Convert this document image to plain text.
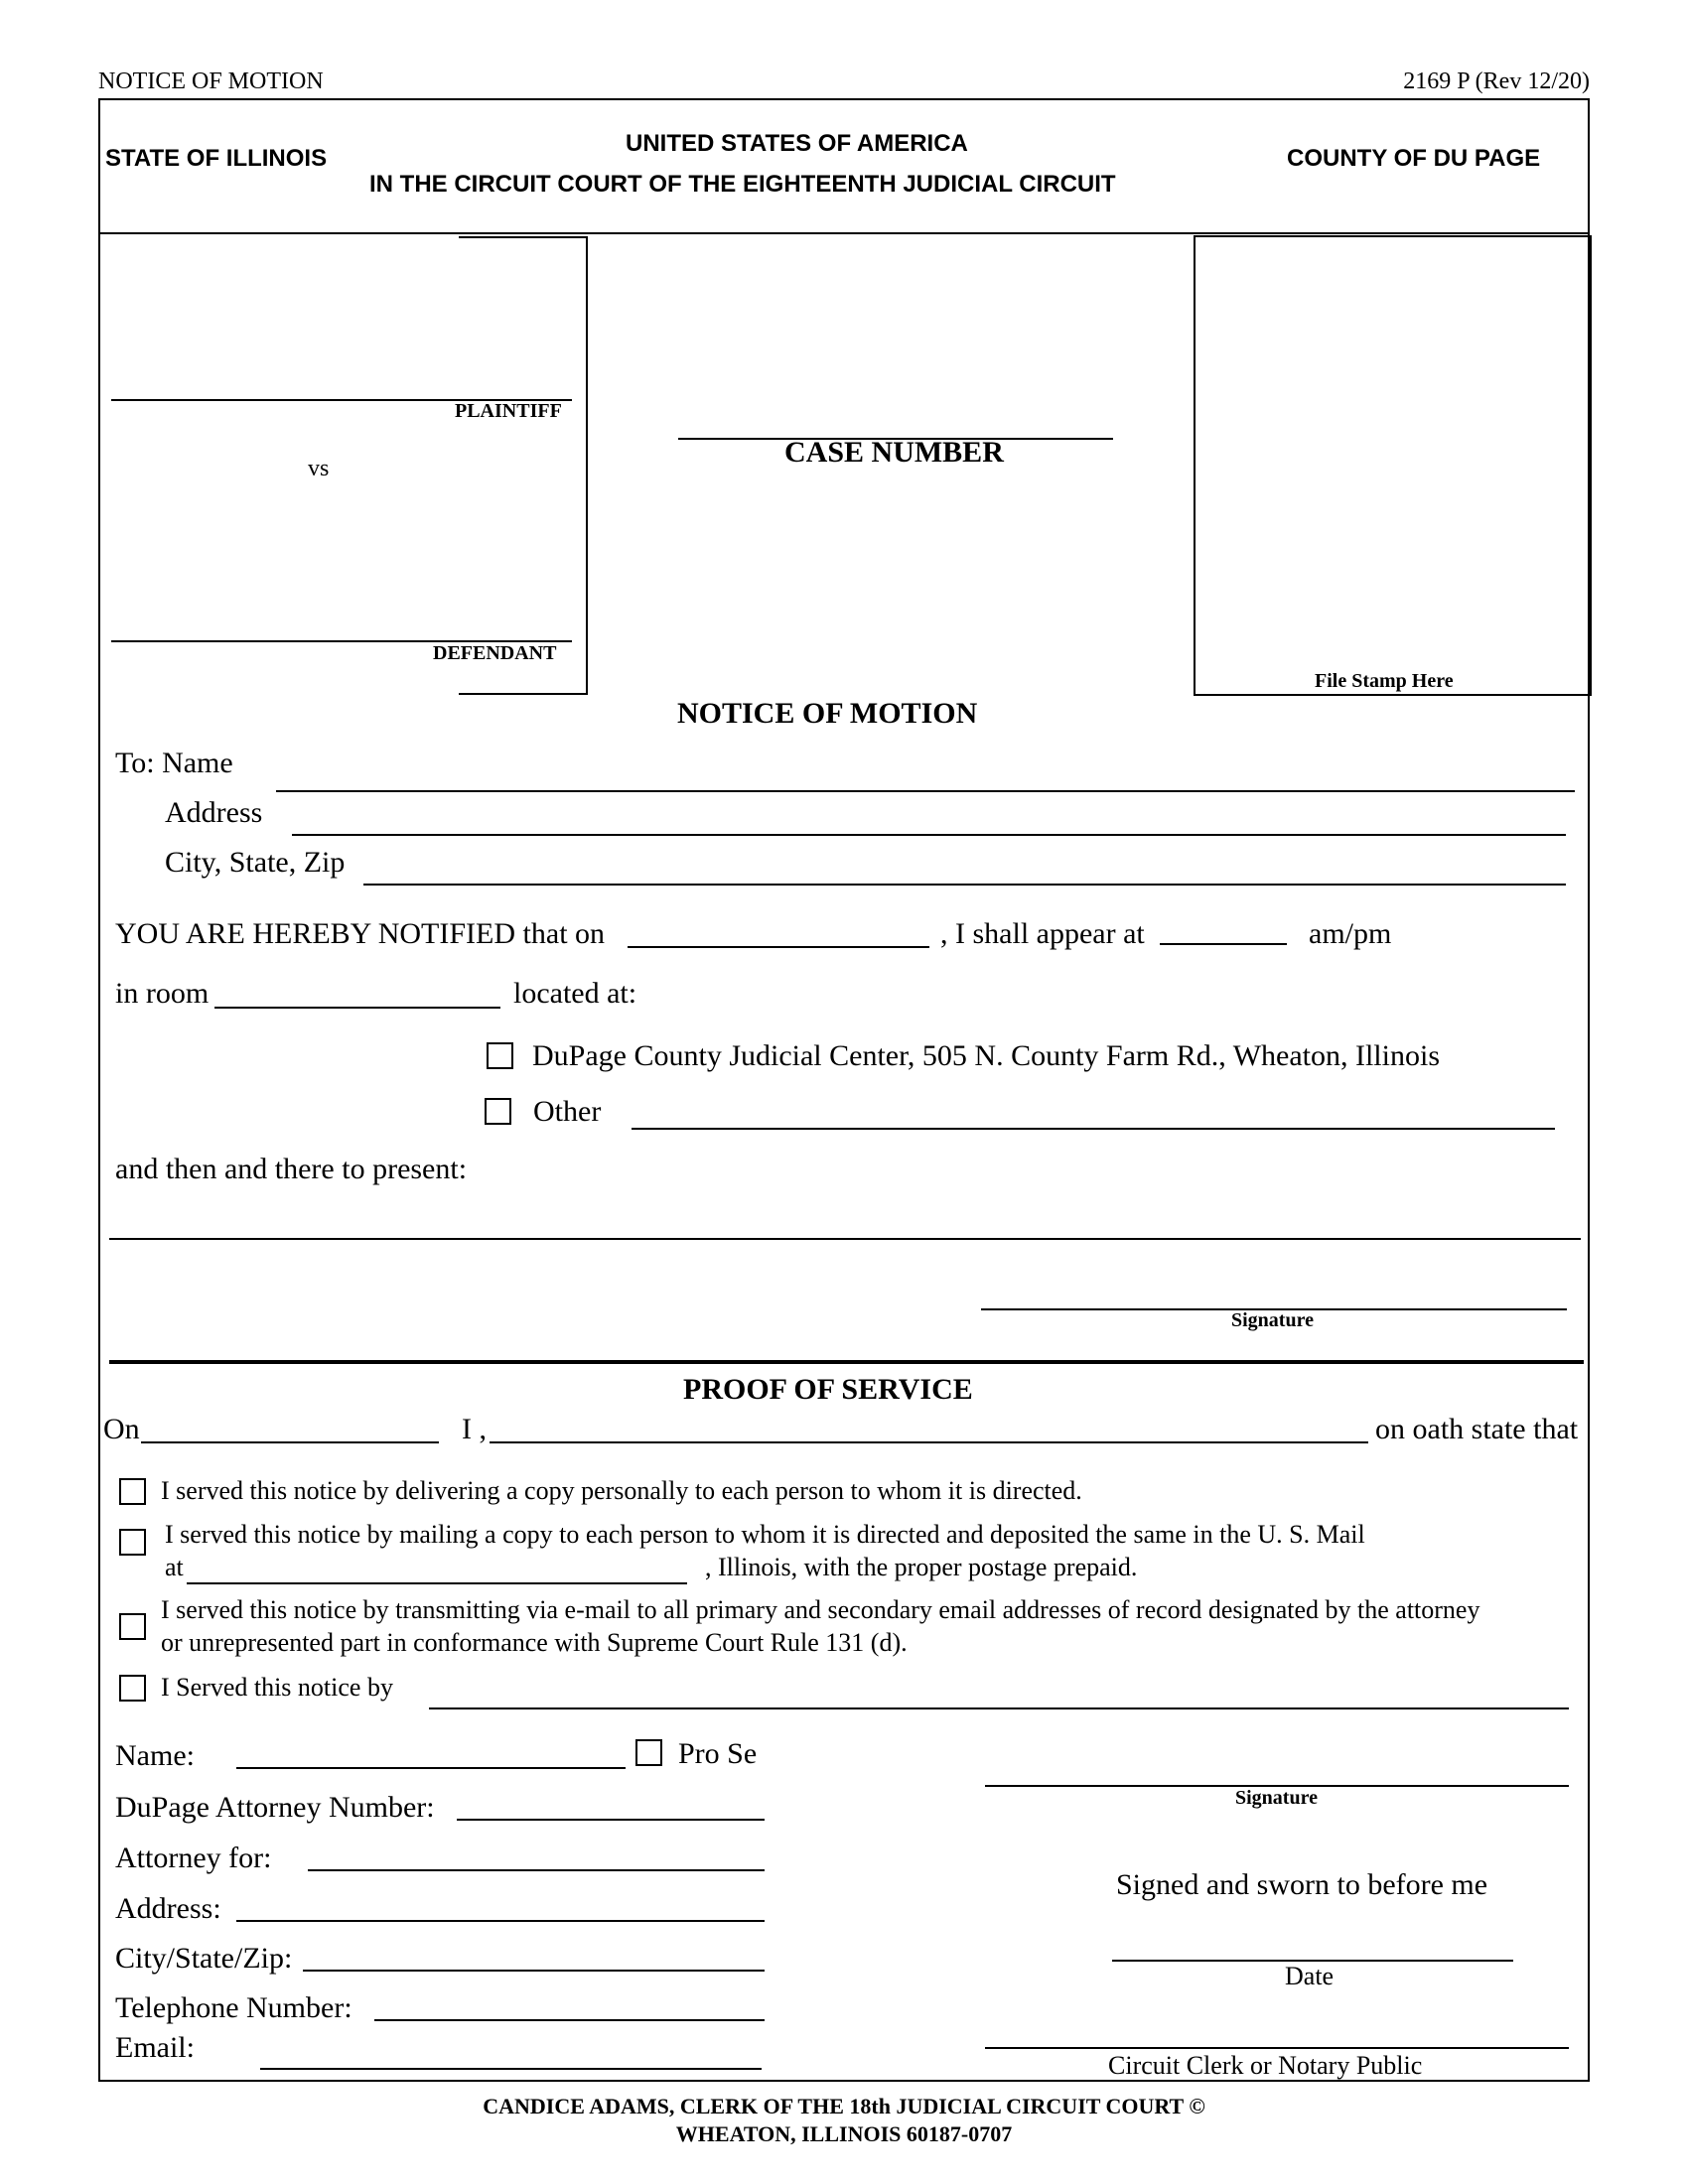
NOTICE OF MOTION	2169 P (Rev 12/20)
STATE OF ILLINOIS
UNITED STATES OF AMERICA
IN THE CIRCUIT COURT OF THE EIGHTEENTH JUDICIAL CIRCUIT
COUNTY OF DU PAGE
PLAINTIFF
vs
DEFENDANT
CASE NUMBER
File Stamp Here
NOTICE OF MOTION
To: Name
Address
City, State, Zip
YOU ARE HEREBY NOTIFIED that on	, I shall appear at	am/pm
in room	located at:
DuPage County Judicial Center, 505 N. County Farm Rd., Wheaton, Illinois
Other
and then and there to present:
Signature
PROOF OF SERVICE
On	I ,	on oath state that
I served this notice by delivering a copy personally to each person to whom it is directed.
I served this notice by mailing a copy to each person to whom it is directed and deposited the same in the U. S. Mail
at	, Illinois, with the proper postage prepaid.
I served this notice by transmitting via e-mail to all primary and secondary email addresses of record designated by the attorney
or unrepresented part in conformance with Supreme Court Rule 131 (d).
I Served this notice by
Name:	Pro Se
DuPage Attorney Number:
Attorney for:
Address:
City/State/Zip:
Telephone Number:
Email:
Signature
Signed and sworn to before me
Date
Circuit Clerk or Notary Public
CANDICE ADAMS, CLERK OF THE 18th JUDICIAL CIRCUIT COURT ©
WHEATON, ILLINOIS 60187-0707
